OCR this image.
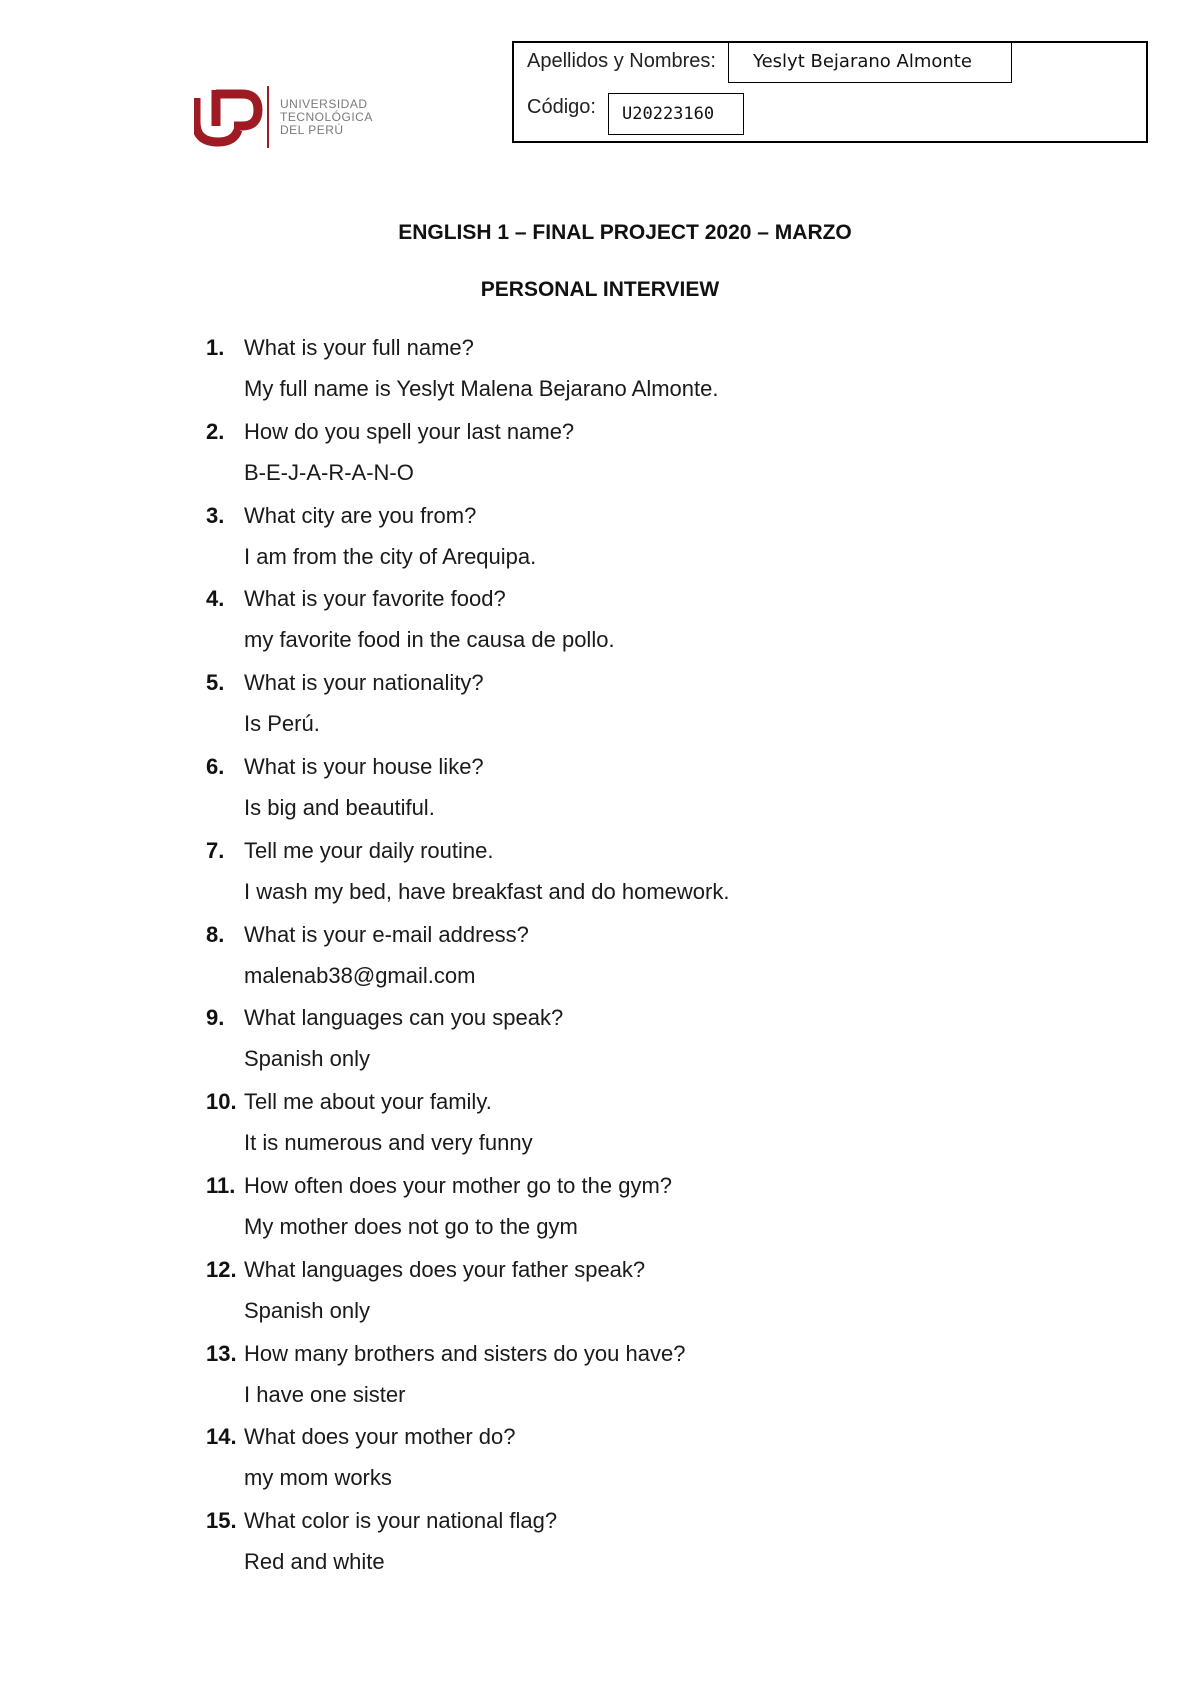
UNIVERSIDAD
TECNOLÓGICA
DEL PERÚ
Apellidos y Nombres:	Yeslyt Bejarano Almonte
Código:	U20223160
ENGLISH 1 – FINAL PROJECT 2020 – MARZO
PERSONAL INTERVIEW
1. What is your full name?
My full name is Yeslyt Malena Bejarano Almonte.
2. How do you spell your last name?
B-E-J-A-R-A-N-O
3. What city are you from?
I am from the city of Arequipa.
4. What is your favorite food?
my favorite food in the causa de pollo.
5. What is your nationality?
Is Perú.
6. What is your house like?
Is big and beautiful.
7. Tell me your daily routine.
I wash my bed, have breakfast and do homework.
8. What is your e-mail address?
malenab38@gmail.com
9. What languages can you speak?
Spanish only
10. Tell me about your family.
It is numerous and very funny
11. How often does your mother go to the gym?
My mother does not go to the gym
12. What languages does your father speak?
Spanish only
13. How many brothers and sisters do you have?
I have one sister
14. What does your mother do?
my mom works
15. What color is your national flag?
Red and white
